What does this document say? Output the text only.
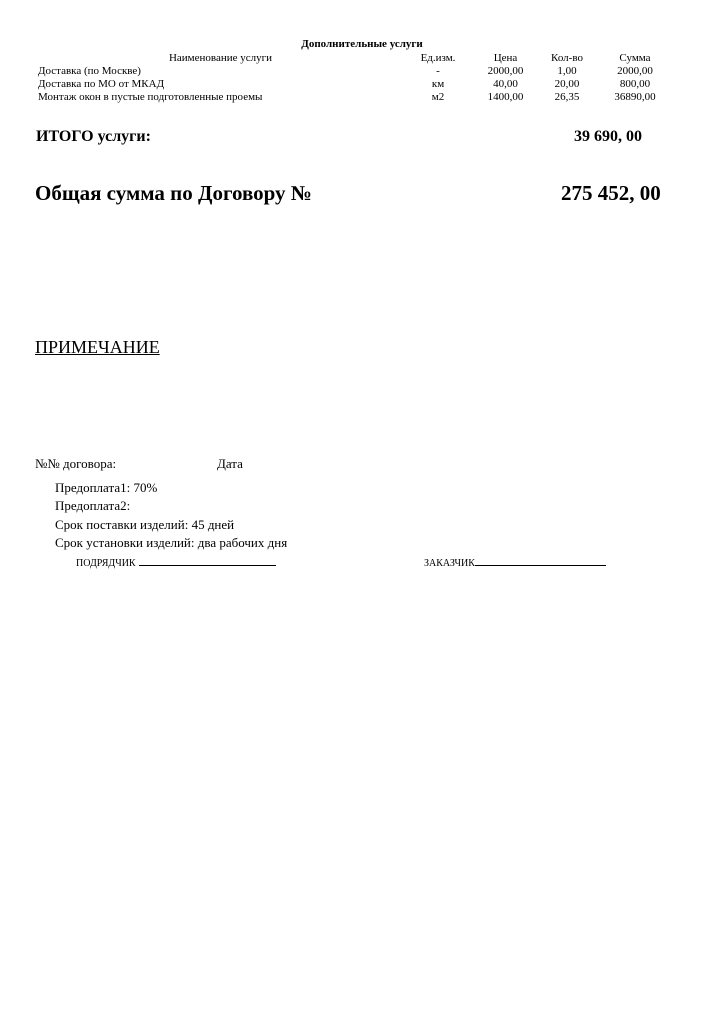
Дополнительные услуги
Наименование услуги	Ед.изм.	Цена	Кол-во	Сумма
Доставка (по Москве)	-	2000,00	1,00	2000,00
Доставка по МО от МКАД	км	40,00	20,00	800,00
Монтаж окон в пустые подготовленные проемы	м2	1400,00	26,35	36890,00
ИТОГО услуги:	39 690, 00
Общая сумма по Договору №	275 452, 00
ПРИМЕЧАНИЕ
№№ договора:	Дата
Предоплата1: 70%
Предоплата2:
Срок поставки изделий: 45 дней
Срок установки изделий: два рабочих дня
ПОДРЯДЧИК	ЗАКАЗЧИК
